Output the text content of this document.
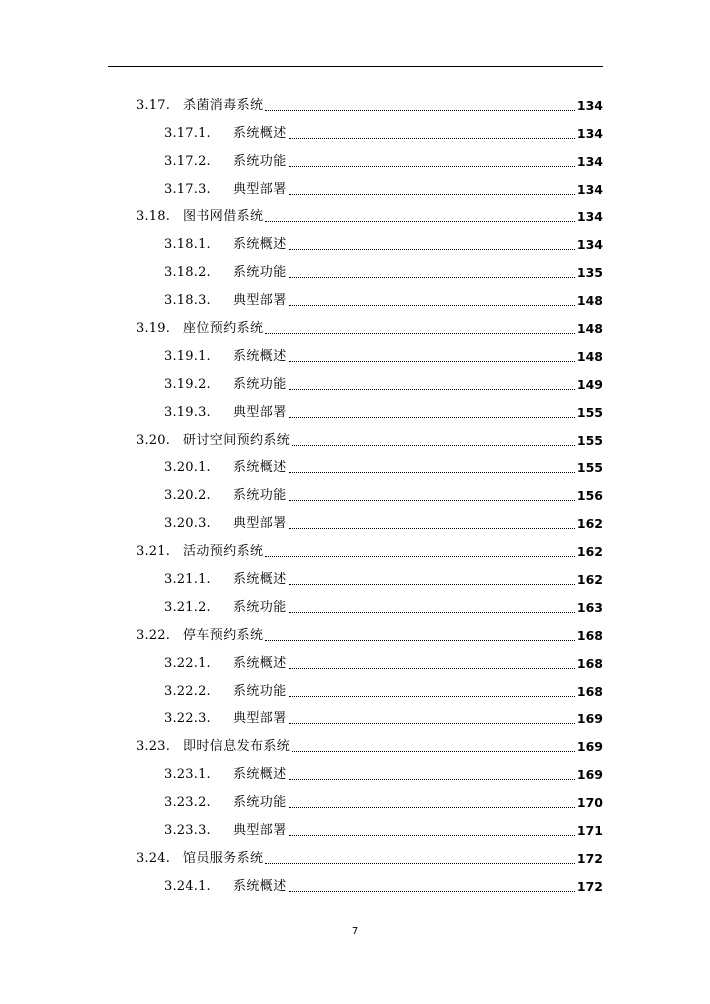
3.17. 杀菌消毒系统	134
3.17.1.	系统概述	134
3.17.2.	系统功能	134
3.17.3.	典型部署	134
3.18. 图书网借系统	134
3.18.1.	系统概述	134
3.18.2.	系统功能	135
3.18.3.	典型部署	148
3.19. 座位预约系统	148
3.19.1.	系统概述	148
3.19.2.	系统功能	149
3.19.3.	典型部署	155
3.20. 研讨空间预约系统	155
3.20.1.	系统概述	155
3.20.2.	系统功能	156
3.20.3.	典型部署	162
3.21. 活动预约系统	162
3.21.1.	系统概述	162
3.21.2.	系统功能	163
3.22. 停车预约系统	168
3.22.1.	系统概述	168
3.22.2.	系统功能	168
3.22.3.	典型部署	169
3.23. 即时信息发布系统	169
3.23.1.	系统概述	169
3.23.2.	系统功能	170
3.23.3.	典型部署	171
3.24. 馆员服务系统	172
3.24.1.	系统概述	172
7
